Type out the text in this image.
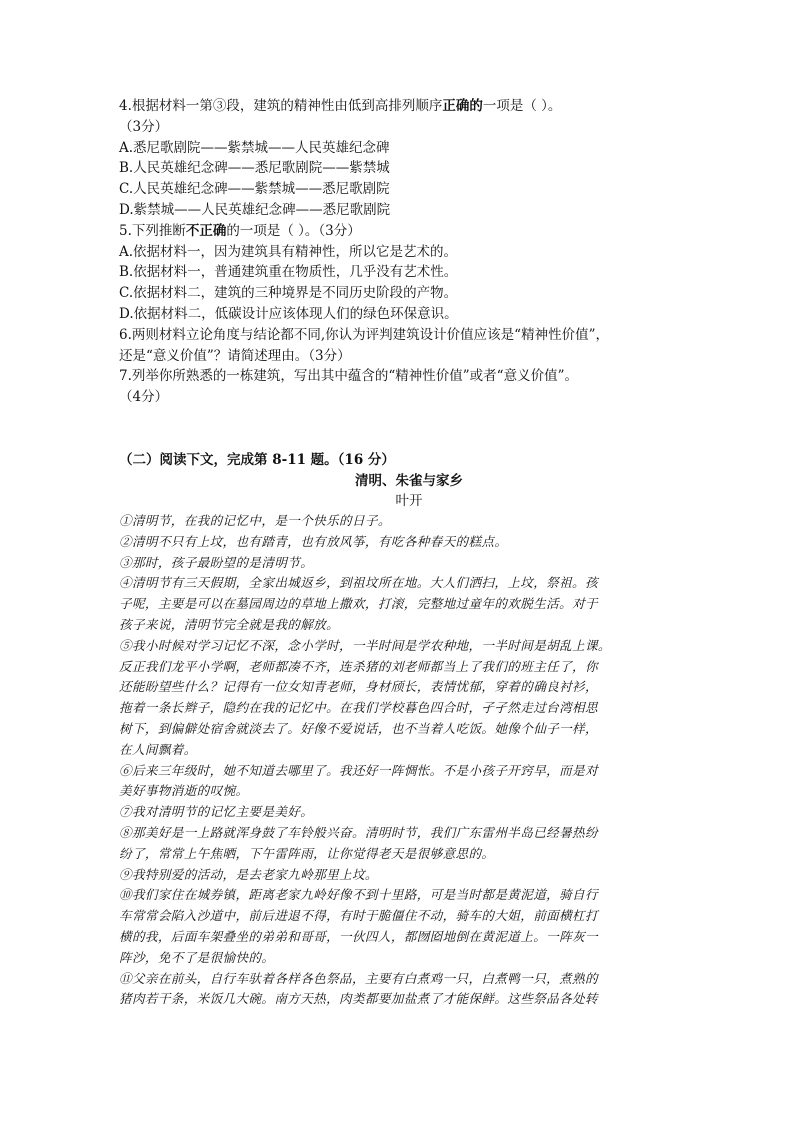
4.根据材料一第③段，建筑的精神性由低到高排列顺序正确的一项是（ ）。

（3分）

A.悉尼歌剧院——紫禁城——人民英雄纪念碑

B.人民英雄纪念碑——悉尼歌剧院——紫禁城

C.人民英雄纪念碑——紫禁城——悉尼歌剧院

D.紫禁城——人民英雄纪念碑——悉尼歌剧院

5.下列推断不正确的一项是（ ）。（3分）

A.依据材料一，因为建筑具有精神性，所以它是艺术的。

B.依据材料一，普通建筑重在物质性，几乎没有艺术性。

C.依据材料二，建筑的三种境界是不同历史阶段的产物。

D.依据材料二，低碳设计应该体现人们的绿色环保意识。

6.两则材料立论角度与结论都不同,你认为评判建筑设计价值应该是“精神性价值”，

还是“意义价值”？请简述理由。（3分）

7.列举你所熟悉的一栋建筑，写出其中蕴含的“精神性价值”或者“意义价值”。

（4分）

（二）阅读下文，完成第 8-11 题。（16 分）

清明、朱雀与家乡

叶开

①清明节，在我的记忆中，是一个快乐的日子。

②清明不只有上坟，也有踏青，也有放风筝，有吃各种春天的糕点。

③那时，孩子最盼望的是清明节。

④清明节有三天假期，全家出城返乡，到祖坟所在地。大人们洒扫，上坟，祭祖。孩

子呢，主要是可以在墓园周边的草地上撒欢，打滚，完整地过童年的欢脱生活。对于

孩子来说，清明节完全就是我的解放。

⑤我小时候对学习记忆不深，念小学时，一半时间是学农种地，一半时间是胡乱上课。

反正我们龙平小学啊，老师都凑不齐，连杀猪的刘老师都当上了我们的班主任了，你

还能盼望些什么？记得有一位女知青老师，身材颀长，表情忧郁，穿着的确良衬衫，

拖着一条长辫子，隐约在我的记忆中。在我们学校暮色四合时，孑孑然走过台湾相思

树下，到偏僻处宿舍就淡去了。好像不爱说话，也不当着人吃饭。她像个仙子一样，

在人间飘着。

⑥后来三年级时，她不知道去哪里了。我还好一阵惆怅。不是小孩子开窍早，而是对

美好事物消逝的叹惋。

⑦我对清明节的记忆主要是美好。

⑧那美好是一上路就浑身鼓了车铃般兴奋。清明时节，我们广东雷州半岛已经暑热纷

纷了，常常上午焦晒，下午雷阵雨，让你觉得老天是很够意思的。

⑨我特别爱的活动，是去老家九岭那里上坟。

⑩我们家住在城券镇，距离老家九岭好像不到十里路，可是当时都是黄泥道，骑自行

车常常会陷入沙道中，前后进退不得，有时于脆僵住不动，骑车的大姐，前面横杠打

横的我，后面车架叠坐的弟弟和哥哥，一伙四人，都囫囵地倒在黄泥道上。一阵灰一

阵沙，免不了是很愉快的。

⑪父亲在前头，自行车驮着各样各色祭品，主要有白煮鸡一只，白煮鸭一只，煮熟的

猪肉若干条，米饭几大碗。南方天热，肉类都要加盐煮了才能保鲜。这些祭品各处转
